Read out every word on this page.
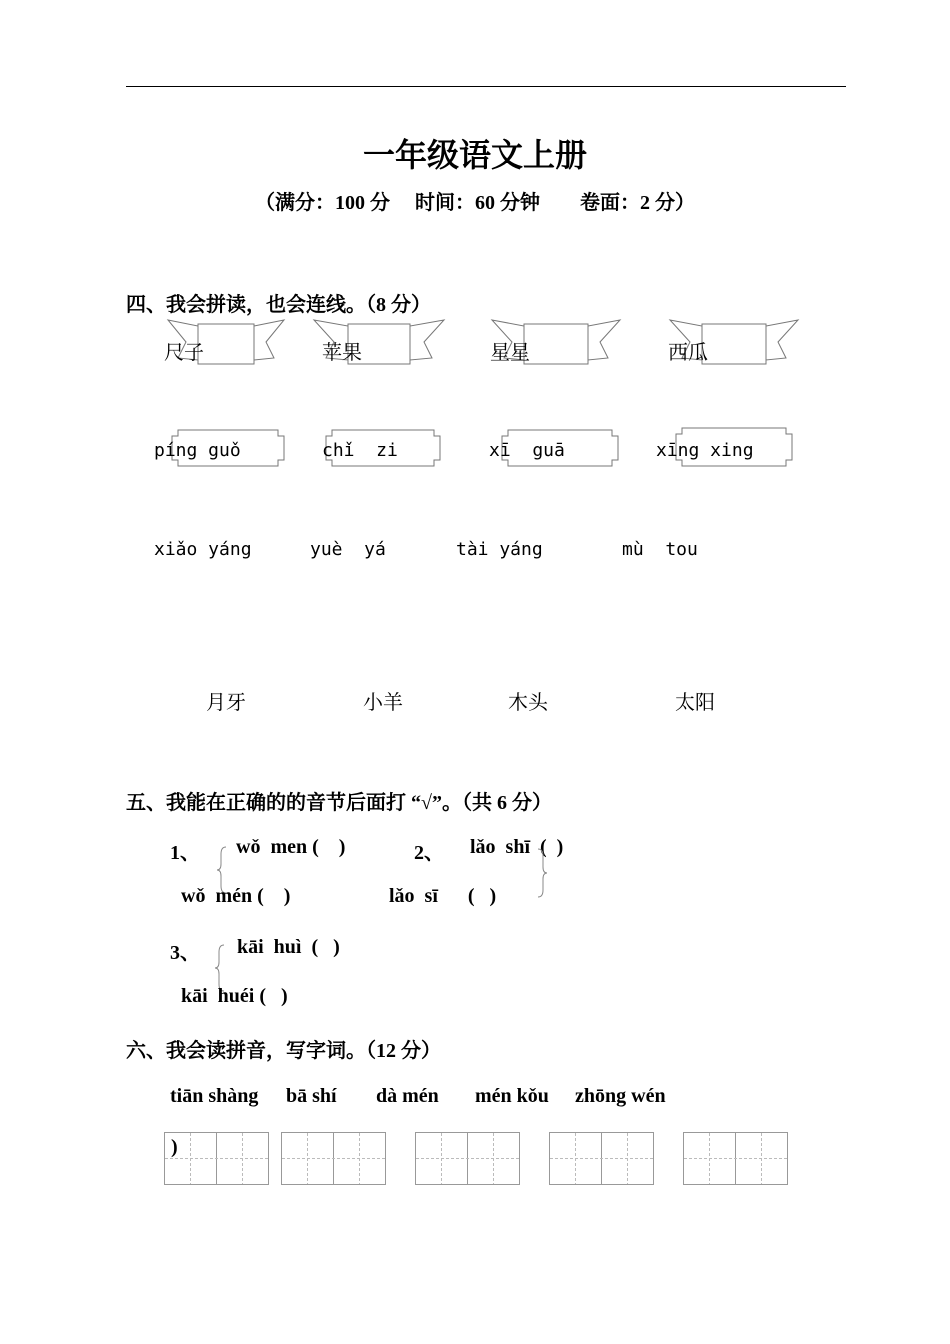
一年级语文上册
（满分：100 分　 时间：60 分钟　　卷面：2 分）
四、我会拼读，也会连线。（8 分）
尺子	苹果	星星	西瓜
píng guǒ	chǐ  zi	xī  guā	xīng xing
xiǎo yáng	yuè  yá	tài yáng	mù  tou
月牙	小羊	木头	太阳
五、我能在正确的的音节后面打 “√”。（共 6 分）
1、 wǒ  men (    )
wǒ  mén (    )
2、 lǎo  shī  (  )
lǎo  sī      (   )
3、 kāi  huì  (   )
kāi  huéi (   )
六、我会读拼音，写字词。（12 分）
tiān shàng bā shí dà mén mén kǒu zhōng wén
)
